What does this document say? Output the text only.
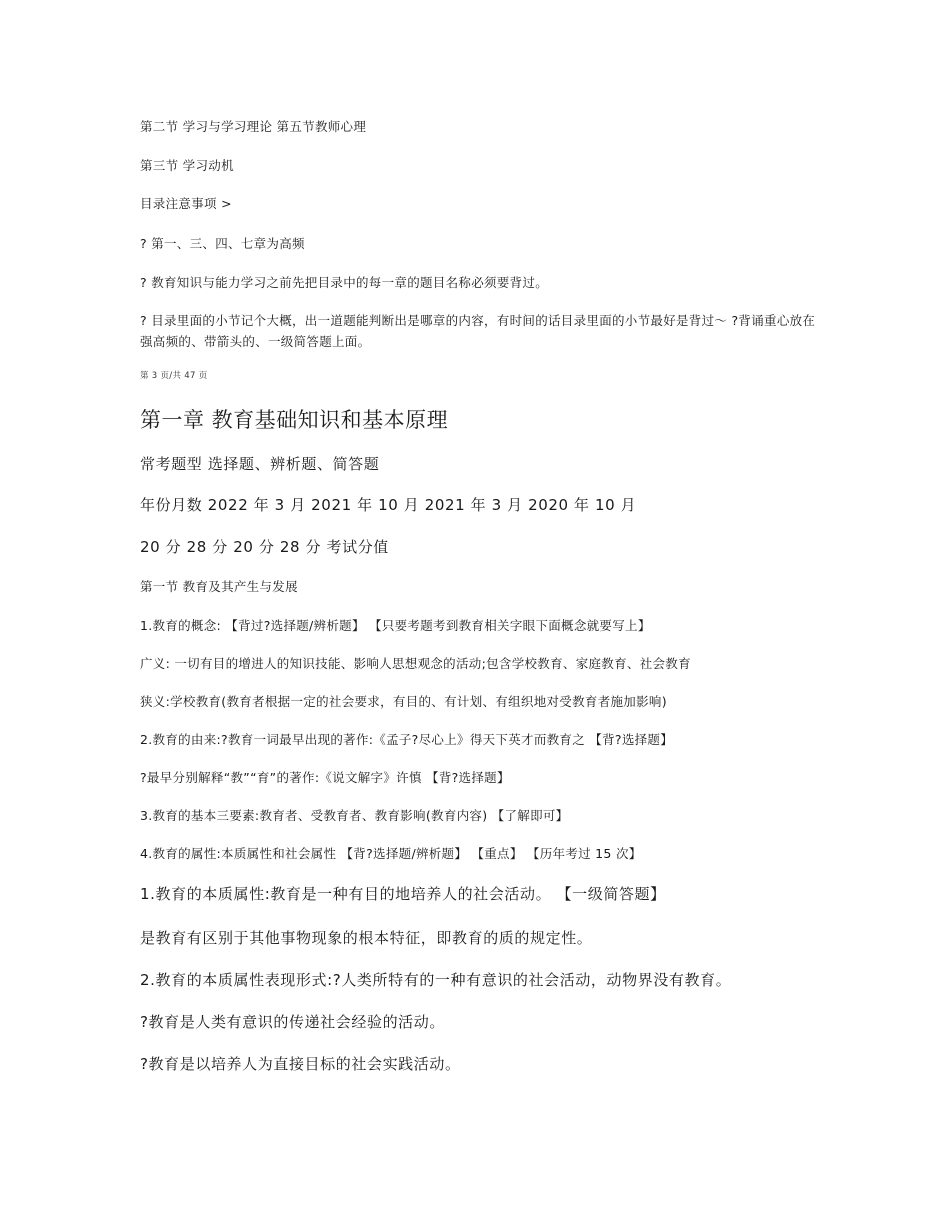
第二节 学习与学习理论 第五节教师心理

第三节 学习动机

目录注意事项 >

? 第一、三、四、七章为高频

? 教育知识与能力学习之前先把目录中的每一章的题目名称必须要背过。

? 目录里面的小节记个大概，出一道题能判断出是哪章的内容，有时间的话目录里面的小节最好是背过～ ?背诵重心放在强高频的、带箭头的、一级简答题上面。

第 3 页/共 47 页

第一章 教育基础知识和基本原理

常考题型 选择题、辨析题、简答题

年份月数 2022 年 3 月 2021 年 10 月 2021 年 3 月 2020 年 10 月

20 分 28 分 20 分 28 分 考试分值

第一节 教育及其产生与发展

1.教育的概念: 【背过?选择题/辨析题】 【只要考题考到教育相关字眼下面概念就要写上】

广义: 一切有目的增进人的知识技能、影响人思想观念的活动;包含学校教育、家庭教育、社会教育

狭义:学校教育(教育者根据一定的社会要求，有目的、有计划、有组织地对受教育者施加影响)

2.教育的由来:?教育一词最早出现的著作:《孟子?尽心上》得天下英才而教育之 【背?选择题】

?最早分别解释“教”“育”的著作:《说文解字》许慎 【背?选择题】

3.教育的基本三要素:教育者、受教育者、教育影响(教育内容) 【了解即可】

4.教育的属性:本质属性和社会属性 【背?选择题/辨析题】 【重点】 【历年考过 15 次】

1.教育的本质属性:教育是一种有目的地培养人的社会活动。 【一级简答题】

是教育有区别于其他事物现象的根本特征，即教育的质的规定性。

2.教育的本质属性表现形式:?人类所特有的一种有意识的社会活动，动物界没有教育。

?教育是人类有意识的传递社会经验的活动。

?教育是以培养人为直接目标的社会实践活动。
